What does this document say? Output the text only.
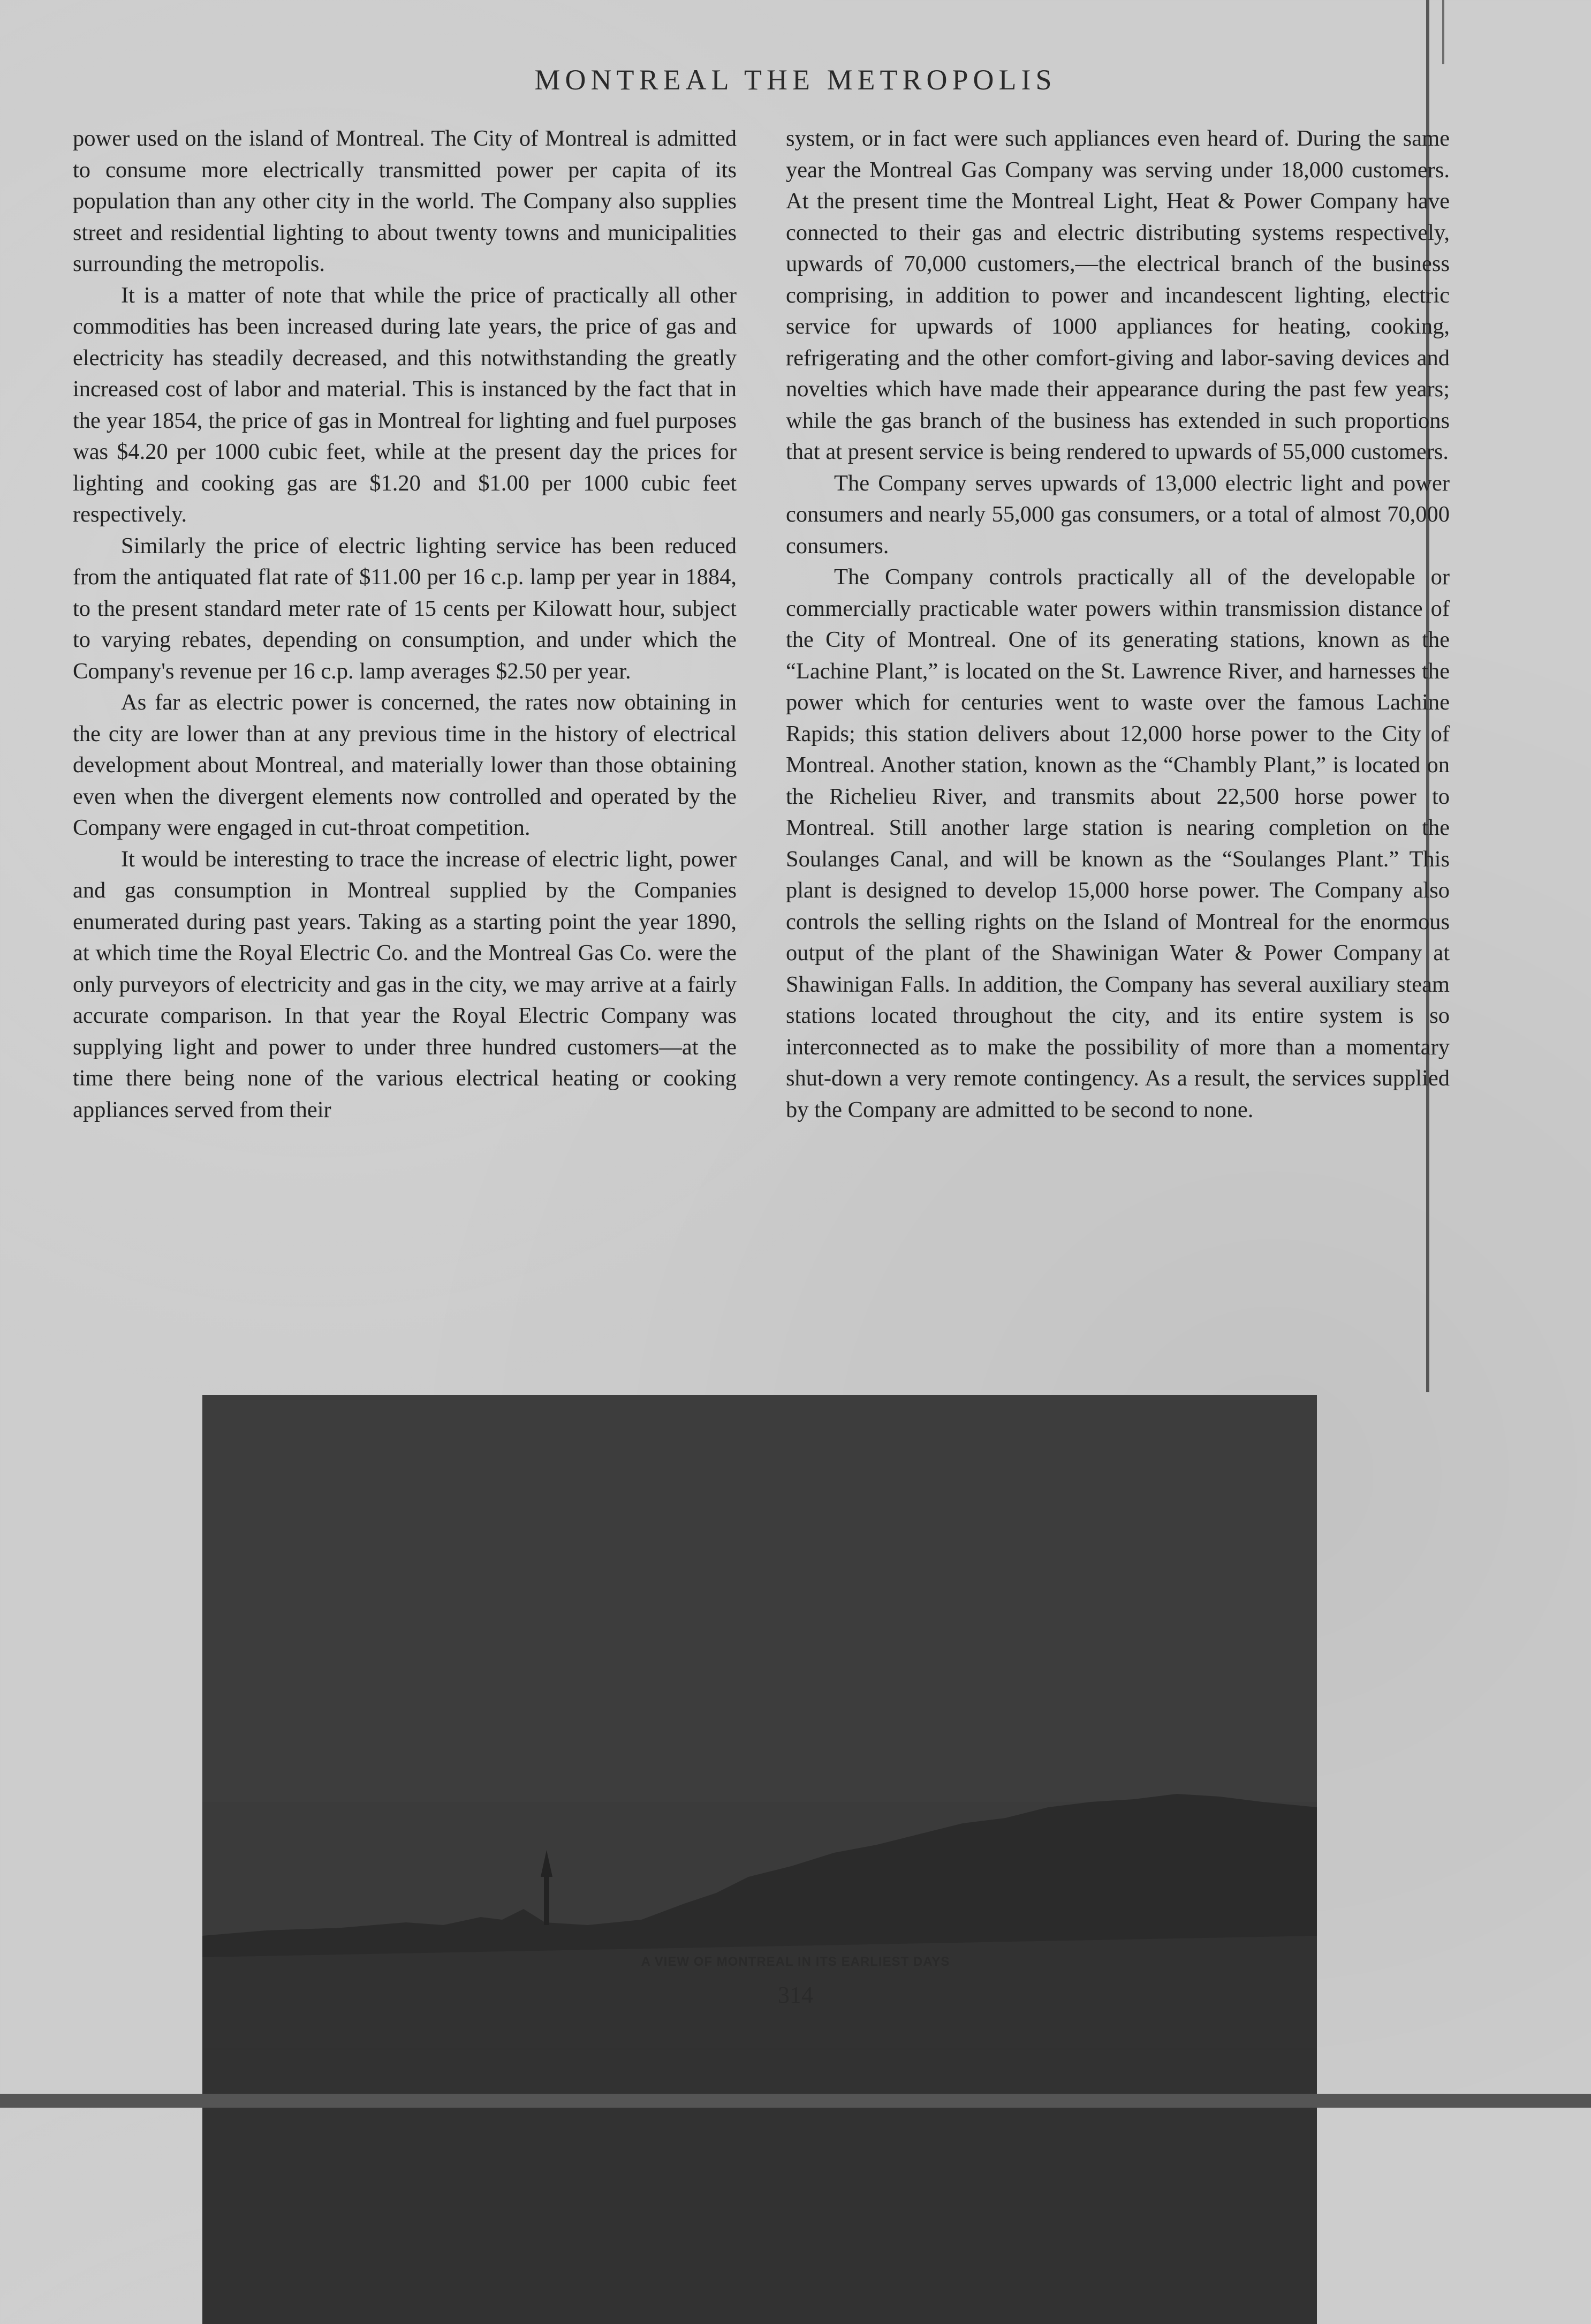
MONTREAL THE METROPOLIS

power used on the island of Montreal. The City of Montreal is admitted to consume more electrically transmitted power per capita of its population than any other city in the world. The Company also supplies street and residential lighting to about twenty towns and municipalities surrounding the metropolis.

It is a matter of note that while the price of practically all other commodities has been increased during late years, the price of gas and electricity has steadily decreased, and this notwithstanding the greatly increased cost of labor and material. This is instanced by the fact that in the year 1854, the price of gas in Montreal for lighting and fuel purposes was $4.20 per 1000 cubic feet, while at the present day the prices for lighting and cooking gas are $1.20 and $1.00 per 1000 cubic feet respectively.

Similarly the price of electric lighting service has been reduced from the antiquated flat rate of $11.00 per 16 c.p. lamp per year in 1884, to the present standard meter rate of 15 cents per Kilowatt hour, subject to varying rebates, depending on consumption, and under which the Company's revenue per 16 c.p. lamp averages $2.50 per year.

As far as electric power is concerned, the rates now obtaining in the city are lower than at any previous time in the history of electrical development about Montreal, and materially lower than those obtaining even when the divergent elements now controlled and operated by the Company were engaged in cut-throat competition.

It would be interesting to trace the increase of electric light, power and gas consumption in Montreal supplied by the Companies enumerated during past years. Taking as a starting point the year 1890, at which time the Royal Electric Co. and the Montreal Gas Co. were the only purveyors of electricity and gas in the city, we may arrive at a fairly accurate comparison. In that year the Royal Electric Company was supplying light and power to under three hundred customers—at the time there being none of the various electrical heating or cooking appliances served from their

system, or in fact were such appliances even heard of. During the same year the Montreal Gas Company was serving under 18,000 customers. At the present time the Montreal Light, Heat & Power Company have connected to their gas and electric distributing systems respectively, upwards of 70,000 customers,—the electrical branch of the business comprising, in addition to power and incandescent lighting, electric service for upwards of 1000 appliances for heating, cooking, refrigerating and the other comfort-giving and labor-saving devices and novelties which have made their appearance during the past few years; while the gas branch of the business has extended in such proportions that at present service is being rendered to upwards of 55,000 customers.

The Company serves upwards of 13,000 electric light and power consumers and nearly 55,000 gas consumers, or a total of almost 70,000 consumers.

The Company controls practically all of the developable or commercially practicable water powers within transmission distance of the City of Montreal. One of its generating stations, known as the “Lachine Plant,” is located on the St. Lawrence River, and harnesses the power which for centuries went to waste over the famous Lachine Rapids; this station delivers about 12,000 horse power to the City of Montreal. Another station, known as the “Chambly Plant,” is located on the Richelieu River, and transmits about 22,500 horse power to Montreal. Still another large station is nearing completion on the Soulanges Canal, and will be known as the “Soulanges Plant.” This plant is designed to develop 15,000 horse power. The Company also controls the selling rights on the Island of Montreal for the enormous output of the plant of the Shawinigan Water & Power Company at Shawinigan Falls. In addition, the Company has several auxiliary steam stations located throughout the city, and its entire system is so interconnected as to make the possibility of more than a momentary shut-down a very remote contingency. As a result, the services supplied by the Company are admitted to be second to none.

A VIEW OF MONTREAL IN ITS EARLIEST DAYS
314
